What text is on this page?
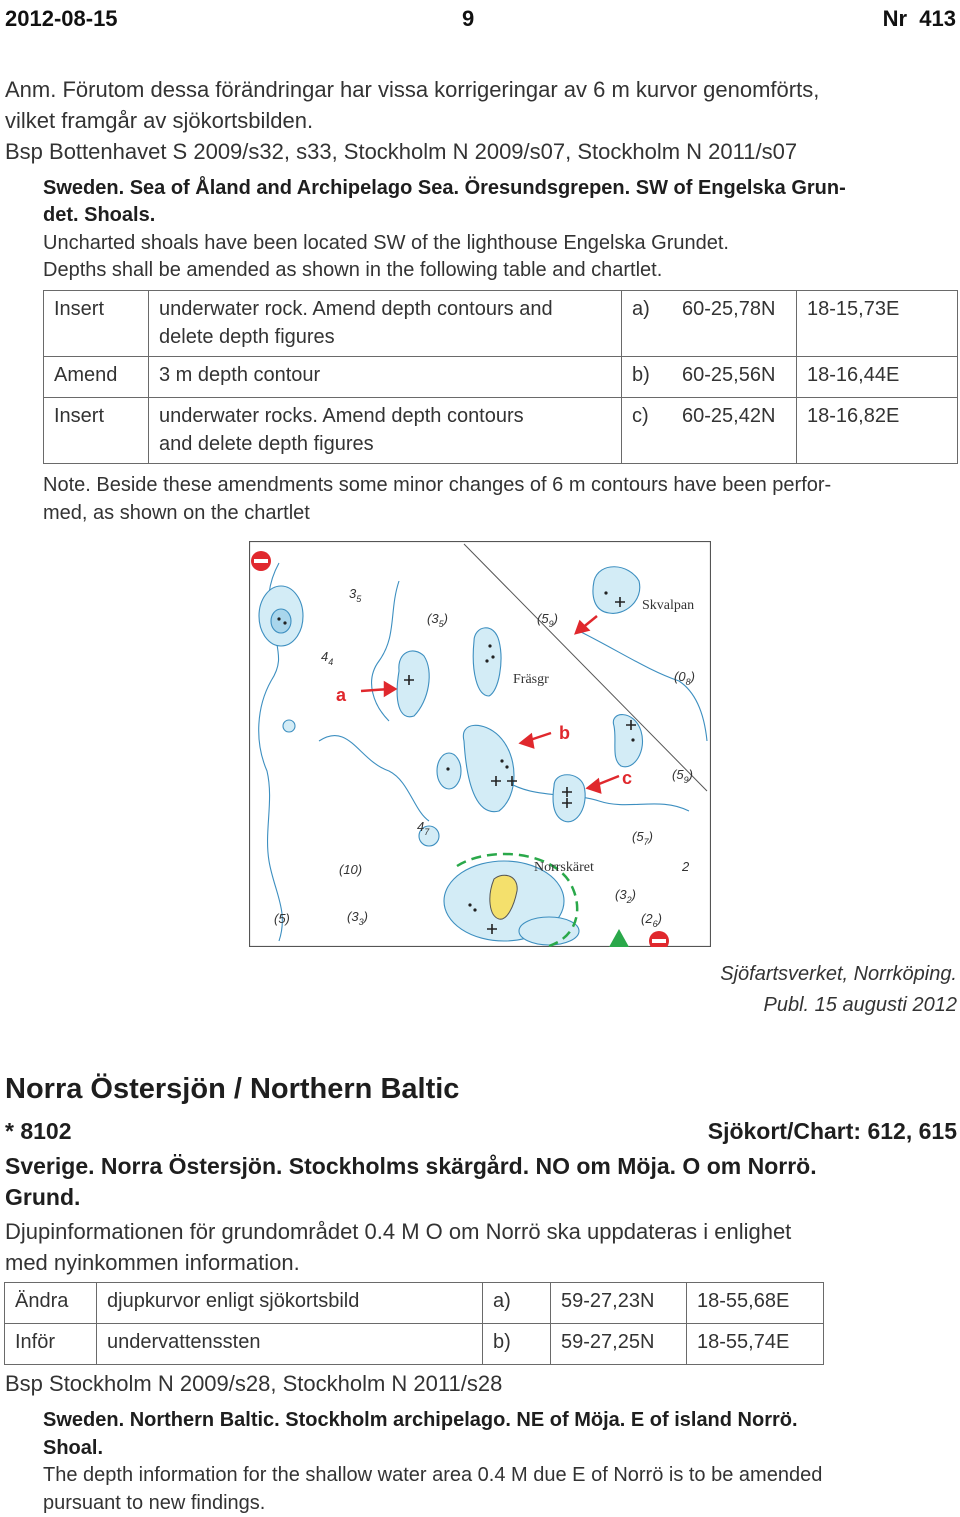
2012-08-15	9	Nr  413
Anm. Förutom dessa förändringar har vissa korrigeringar av 6 m kurvor genomförts,
vilket framgår av sjökortsbilden.
Bsp Bottenhavet S 2009/s32, s33, Stockholm N 2009/s07, Stockholm N 2011/s07
Sweden. Sea of Åland and Archipelago Sea. Öresundsgrepen. SW of Engelska Grun-
det. Shoals.
Uncharted shoals have been located SW of the lighthouse Engelska Grundet.
Depths shall be amended as shown in the following table and chartlet.
Insert	underwater rock. Amend depth contours and
delete depth figures	a)	60-25,78N	18-15,73E
Amend	3 m depth contour	b)	60-25,56N	18-16,44E
Insert	underwater rocks. Amend depth contours
and delete depth figures	c)	60-25,42N	18-16,82E
Note. Beside these amendments some minor changes of 6 m contours have been perfor-
med, as shown on the chartlet
Skvalpan
Fräsgr
Norrskäret
a
b
c
$3_5$
$4_4$
$(3_5)$	$(5_9)$
$(0_8)$
$(5_9)$
$4_7$	$(5_7)$
(10)	2
$(3_2)$
(5)	$(3_3)$	$(2_6)$
Sjöfartsverket, Norrköping.
Publ. 15 augusti 2012
Norra Östersjön / Northern Baltic
* 8102	Sjökort/Chart: 612, 615
Sverige. Norra Östersjön. Stockholms skärgård. NO om Möja. O om Norrö.
Grund.
Djupinformationen för grundområdet 0.4 M O om Norrö ska uppdateras i enlighet
med nyinkommen information.
Ändra	djupkurvor enligt sjökortsbild	a)	59-27,23N	18-55,68E
Inför	undervattenssten	b)	59-27,25N	18-55,74E
Bsp Stockholm N 2009/s28, Stockholm N 2011/s28
Sweden. Northern Baltic. Stockholm archipelago. NE of Möja. E of island Norrö.
Shoal.
The depth information for the shallow water area 0.4 M due E of Norrö is to be amended
pursuant to new findings.
